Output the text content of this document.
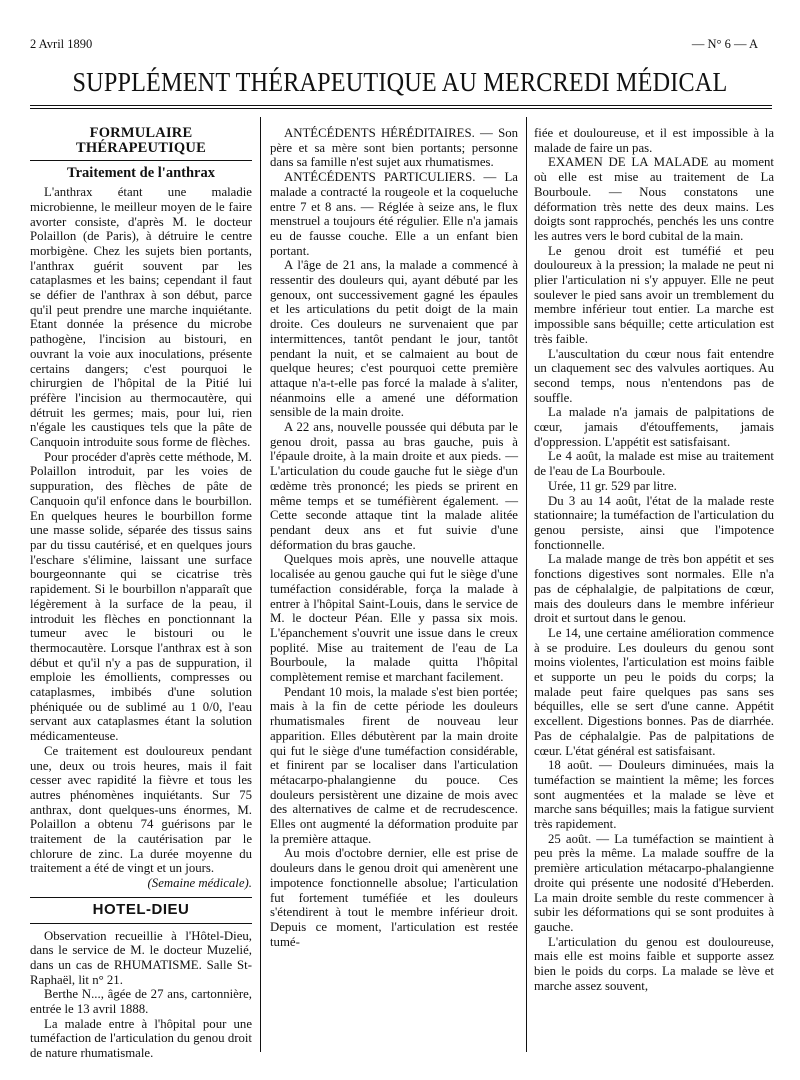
2 Avril 1890	— N° 6 — A
SUPPLÉMENT THÉRAPEUTIQUE AU MERCREDI MÉDICAL
FORMULAIRE THÉRAPEUTIQUE
Traitement de l'anthrax

L'anthrax étant une maladie microbienne, le meilleur moyen de le faire avorter consiste, d'après M. le docteur Polaillon (de Paris), à détruire le centre morbigène. Chez les sujets bien portants, l'anthrax guérit souvent par les cataplasmes et les bains; cependant il faut se défier de l'anthrax à son début, parce qu'il peut prendre une marche inquiétante. Etant donnée la présence du microbe pathogène, l'incision au bistouri, en ouvrant la voie aux inoculations, présente certains dangers; c'est pourquoi le chirurgien de l'hôpital de la Pitié lui préfère l'incision au thermocautère, qui détruit les germes; mais, pour lui, rien n'égale les caustiques tels que la pâte de Canquoin introduite sous forme de flèches.

Pour procéder d'après cette méthode, M. Polaillon introduit, par les voies de suppuration, des flèches de pâte de Canquoin qu'il enfonce dans le bourbillon. En quelques heures le bourbillon forme une masse solide, séparée des tissus sains par du tissu cautérisé, et en quelques jours l'eschare s'élimine, laissant une surface bourgeonnante qui se cicatrise très rapidement. Si le bourbillon n'apparaît que légèrement à la surface de la peau, il introduit les flèches en ponctionnant la tumeur avec le bistouri ou le thermocautère. Lorsque l'anthrax est à son début et qu'il n'y a pas de suppuration, il emploie les émollients, compresses ou cataplasmes, imbibés d'une solution phéniquée ou de sublimé au 1 0/0, l'eau servant aux cataplasmes étant la solution médicamenteuse.

Ce traitement est douloureux pendant une, deux ou trois heures, mais il fait cesser avec rapidité la fièvre et tous les autres phénomènes inquiétants. Sur 75 anthrax, dont quelques-uns énormes, M. Polaillon a obtenu 74 guérisons par le traitement de la cautérisation par le chlorure de zinc. La durée moyenne du traitement a été de vingt et un jours.

(Semaine médicale).
HOTEL-DIEU

Observation recueillie à l'Hôtel-Dieu, dans le service de M. le docteur Muzelié, dans un cas de RHUMATISME. Salle St-Raphaël, lit n° 21.

Berthe N..., âgée de 27 ans, cartonnière, entrée le 13 avril 1888.

La malade entre à l'hôpital pour une tuméfaction de l'articulation du genou droit de nature rhumatismale.

ANTÉCÉDENTS HÉRÉDITAIRES. — Son père et sa mère sont bien portants; personne dans sa famille n'est sujet aux rhumatismes.

ANTÉCÉDENTS PARTICULIERS. — La malade a contracté la rougeole et la coqueluche entre 7 et 8 ans. — Réglée à seize ans, le flux menstruel a toujours été régulier. Elle n'a jamais eu de fausse couche. Elle a un enfant bien portant.

A l'âge de 21 ans, la malade a commencé à ressentir des douleurs qui, ayant débuté par les genoux, ont successivement gagné les épaules et les articulations du petit doigt de la main droite. Ces douleurs ne survenaient que par intermittences, tantôt pendant le jour, tantôt pendant la nuit, et se calmaient au bout de quelque heures; c'est pourquoi cette première attaque n'a-t-elle pas forcé la malade à s'aliter, néanmoins elle a amené une déformation sensible de la main droite.

A 22 ans, nouvelle poussée qui débuta par le genou droit, passa au bras gauche, puis à l'épaule droite, à la main droite et aux pieds. — L'articulation du coude gauche fut le siège d'un œdème très prononcé; les pieds se prirent en même temps et se tuméfièrent également. — Cette seconde attaque tint la malade alitée pendant deux ans et fut suivie d'une déformation du bras gauche.

Quelques mois après, une nouvelle attaque localisée au genou gauche qui fut le siège d'une tuméfaction considérable, força la malade à entrer à l'hôpital Saint-Louis, dans le service de M. le docteur Péan. Elle y passa six mois. L'épanchement s'ouvrit une issue dans le creux poplité. Mise au traitement de l'eau de La Bourboule, la malade quitta l'hôpital complètement remise et marchant facilement.

Pendant 10 mois, la malade s'est bien portée; mais à la fin de cette période les douleurs rhumatismales firent de nouveau leur apparition. Elles débutèrent par la main droite qui fut le siège d'une tuméfaction considérable, et finirent par se localiser dans l'articulation métacarpo-phalangienne du pouce. Ces douleurs persistèrent une dizaine de mois avec des alternatives de calme et de recrudescence. Elles ont augmenté la déformation produite par la première attaque.

Au mois d'octobre dernier, elle est prise de douleurs dans le genou droit qui amenèrent une impotence fonctionnelle absolue; l'articulation fut fortement tuméfiée et les douleurs s'étendirent à tout le membre inférieur droit. Depuis ce moment, l'articulation est restée tumé-

fiée et douloureuse, et il est impossible à la malade de faire un pas.

EXAMEN DE LA MALADE au moment où elle est mise au traitement de La Bourboule. — Nous constatons une déformation très nette des deux mains. Les doigts sont rapprochés, penchés les uns contre les autres vers le bord cubital de la main.

Le genou droit est tuméfié et peu douloureux à la pression; la malade ne peut ni plier l'articulation ni s'y appuyer. Elle ne peut soulever le pied sans avoir un tremblement du membre inférieur tout entier. La marche est impossible sans béquille; cette articulation est très faible.

L'auscultation du cœur nous fait entendre un claquement sec des valvules aortiques. Au second temps, nous n'entendons pas de souffle.

La malade n'a jamais de palpitations de cœur, jamais d'étouffements, jamais d'oppression. L'appétit est satisfaisant.

Le 4 août, la malade est mise au traitement de l'eau de La Bourboule.

Urée, 11 gr. 529 par litre.

Du 3 au 14 août, l'état de la malade reste stationnaire; la tuméfaction de l'articulation du genou persiste, ainsi que l'impotence fonctionnelle.

La malade mange de très bon appétit et ses fonctions digestives sont normales. Elle n'a pas de céphalalgie, de palpitations de cœur, mais des douleurs dans le membre inférieur droit et surtout dans le genou.

Le 14, une certaine amélioration commence à se produire. Les douleurs du genou sont moins violentes, l'articulation est moins faible et supporte un peu le poids du corps; la malade peut faire quelques pas sans ses béquilles, elle se sert d'une canne. Appétit excellent. Digestions bonnes. Pas de diarrhée. Pas de céphalalgie. Pas de palpitations de cœur. L'état général est satisfaisant.

18 août. — Douleurs diminuées, mais la tuméfaction se maintient la même; les forces sont augmentées et la malade se lève et marche sans béquilles; mais la fatigue survient très rapidement.

25 août. — La tuméfaction se maintient à peu près la même. La malade souffre de la première articulation métacarpo-phalangienne droite qui présente une nodosité d'Heberden. La main droite semble du reste commencer à subir les déformations qui se sont produites à gauche.

L'articulation du genou est douloureuse, mais elle est moins faible et supporte assez bien le poids du corps. La malade se lève et marche assez souvent,
